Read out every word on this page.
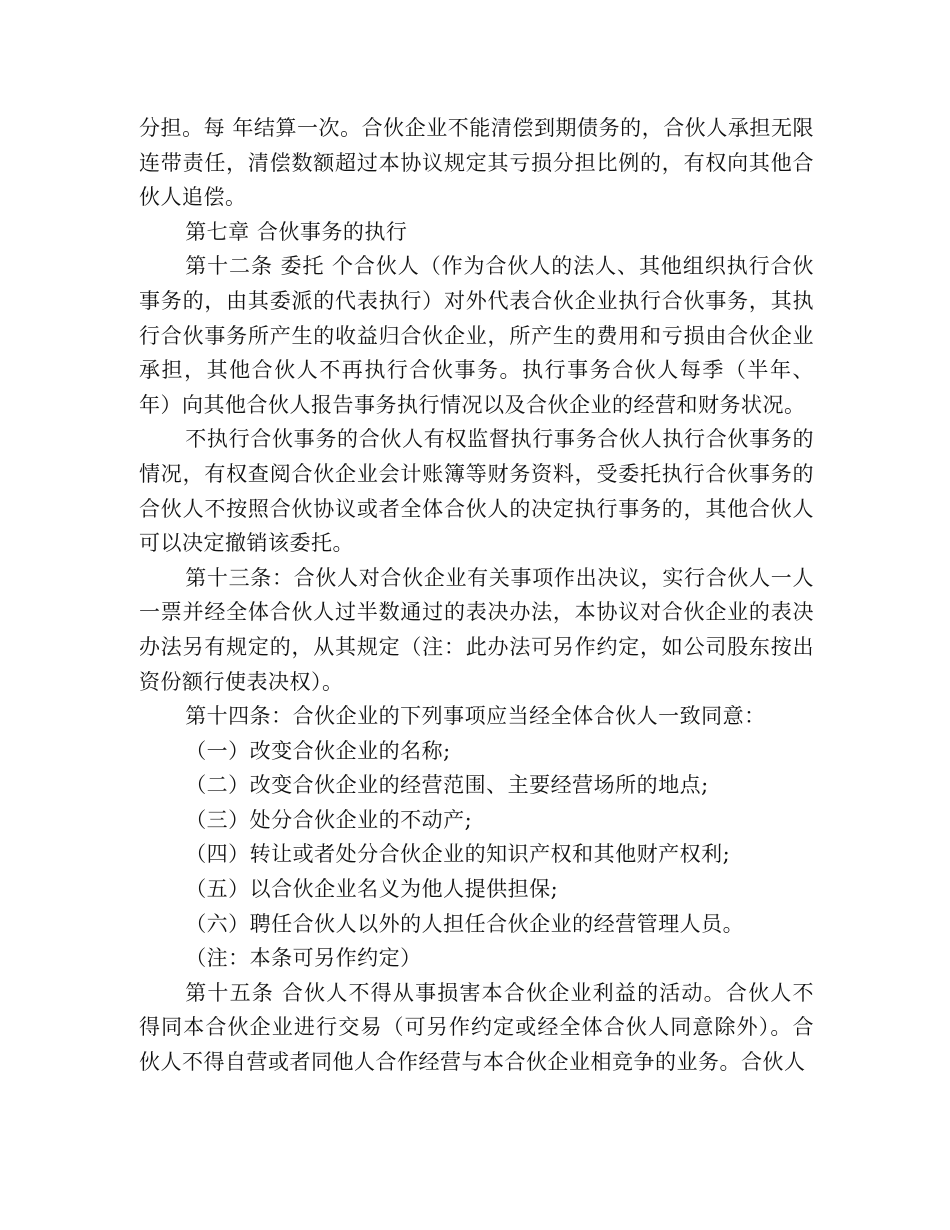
分担。每 年结算一次。合伙企业不能清偿到期债务的，合伙人承担无限连带责任，清偿数额超过本协议规定其亏损分担比例的，有权向其他合伙人追偿。

第七章 合伙事务的执行

第十二条 委托 个合伙人（作为合伙人的法人、其他组织执行合伙事务的，由其委派的代表执行）对外代表合伙企业执行合伙事务，其执行合伙事务所产生的收益归合伙企业，所产生的费用和亏损由合伙企业承担，其他合伙人不再执行合伙事务。执行事务合伙人每季（半年、年）向其他合伙人报告事务执行情况以及合伙企业的经营和财务状况。

不执行合伙事务的合伙人有权监督执行事务合伙人执行合伙事务的情况，有权查阅合伙企业会计账簿等财务资料，受委托执行合伙事务的合伙人不按照合伙协议或者全体合伙人的决定执行事务的，其他合伙人可以决定撤销该委托。

第十三条：合伙人对合伙企业有关事项作出决议，实行合伙人一人一票并经全体合伙人过半数通过的表决办法，本协议对合伙企业的表决办法另有规定的，从其规定（注：此办法可另作约定，如公司股东按出资份额行使表决权）。

第十四条：合伙企业的下列事项应当经全体合伙人一致同意：

（一）改变合伙企业的名称;

（二）改变合伙企业的经营范围、主要经营场所的地点;

（三）处分合伙企业的不动产;

（四）转让或者处分合伙企业的知识产权和其他财产权利;

（五）以合伙企业名义为他人提供担保;

（六）聘任合伙人以外的人担任合伙企业的经营管理人员。

（注：本条可另作约定）

第十五条 合伙人不得从事损害本合伙企业利益的活动。合伙人不得同本合伙企业进行交易（可另作约定或经全体合伙人同意除外）。合伙人不得自营或者同他人合作经营与本合伙企业相竞争的业务。合伙人
